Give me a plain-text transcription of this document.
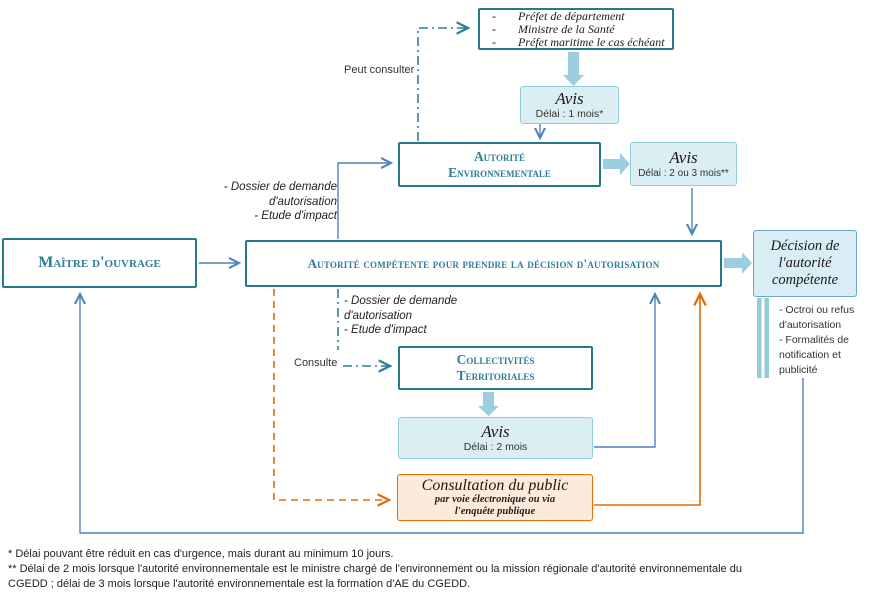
-	Préfet de département
-	Ministre de la Santé
-	Préfet maritime le cas échéant
Avis
Délai : 1 mois*
Autorité
Environnementale
Avis
Délai : 2 ou 3 mois**
Maître d'ouvrage	Autorité compétente pour prendre la décision d'autorisation
Décision de
l'autorité
compétente
- Octroi ou refus d'autorisation
- Formalités de notification et publicité
Collectivités
Territoriales
Avis
Délai : 2 mois
Consultation du public
par voie électronique ou via
l'enquête publique
Peut consulter
- Dossier de demande
d'autorisation
- Etude d'impact
- Dossier de demande
d'autorisation
- Etude d'impact
Consulte
* Délai pouvant être réduit en cas d'urgence, mais durant au minimum 10 jours.
** Délai de 2 mois lorsque l'autorité environnementale est le ministre chargé de l'environnement ou la mission régionale d'autorité environnementale du
CGEDD ; délai de 3 mois lorsque l'autorité environnementale est la formation d'AE du CGEDD.
